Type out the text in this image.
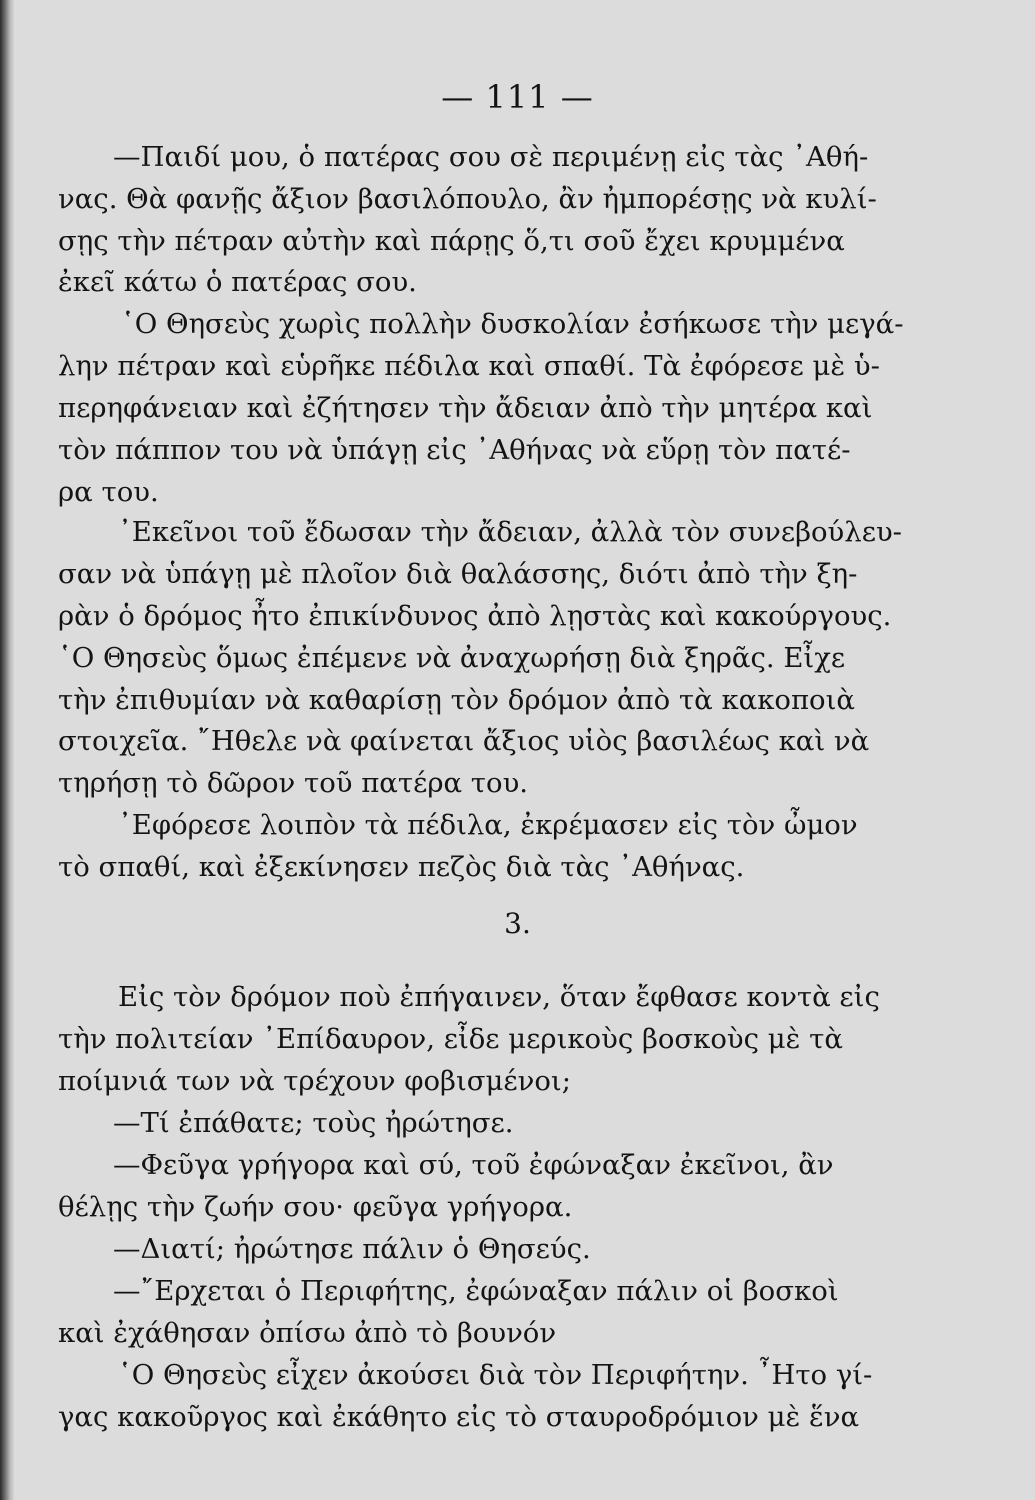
— 111 —
—Παιδί μου, ὁ πατέρας σου σὲ περιμένῃ εἰς τὰς ᾿Αθή-
νας. Θὰ φανῇς ἄξιον βασιλόπουλο, ἂν ἠμπορέσῃς νὰ κυλί-
σῃς τὴν πέτραν αὐτὴν καὶ πάρῃς ὅ,τι σοῦ ἔχει κρυμμένα
ἐκεῖ κάτω ὁ πατέρας σου.
῾Ο Θησεὺς χωρὶς πολλὴν δυσκολίαν ἐσήκωσε τὴν μεγά-
λην πέτραν καὶ εὑρῆκε πέδιλα καὶ σπαθί. Τὰ ἐφόρεσε μὲ ὑ-
περηφάνειαν καὶ ἐζήτησεν τὴν ἄδειαν ἀπὸ τὴν μητέρα καὶ
τὸν πάππον του νὰ ὑπάγῃ εἰς ᾿Αθήνας νὰ εὕρῃ τὸν πατέ-
ρα του.
᾿Εκεῖνοι τοῦ ἔδωσαν τὴν ἄδειαν, ἀλλὰ τὸν συνεβούλευ-
σαν νὰ ὑπάγῃ μὲ πλοῖον διὰ θαλάσσης, διότι ἀπὸ τὴν ξη-
ρὰν ὁ δρόμος ἦτο ἐπικίνδυνος ἀπὸ λῃστὰς καὶ κακούργους.
῾Ο Θησεὺς ὅμως ἐπέμενε νὰ ἀναχωρήσῃ διὰ ξηρᾶς. Εἶχε
τὴν ἐπιθυμίαν νὰ καθαρίσῃ τὸν δρόμον ἀπὸ τὰ κακοποιὰ
στοιχεῖα. ῎Ηθελε νὰ φαίνεται ἄξιος υἱὸς βασιλέως καὶ νὰ
τηρήσῃ τὸ δῶρον τοῦ πατέρα του.
᾿Εφόρεσε λοιπὸν τὰ πέδιλα, ἐκρέμασεν εἰς τὸν ὦμον
τὸ σπαθί, καὶ ἐξεκίνησεν πεζὸς διὰ τὰς ᾿Αθήνας.
3.
Εἰς τὸν δρόμον ποὺ ἐπήγαινεν, ὅταν ἔφθασε κοντὰ εἰς
τὴν πολιτείαν ᾿Επίδαυρον, εἶδε μερικοὺς βοσκοὺς μὲ τὰ
ποίμνιά των νὰ τρέχουν φοβισμένοι;
—Τί ἐπάθατε; τοὺς ἠρώτησε.
—Φεῦγα γρήγορα καὶ σύ, τοῦ ἐφώναξαν ἐκεῖνοι, ἂν
θέλῃς τὴν ζωήν σου· φεῦγα γρήγορα.
—Διατί; ἠρώτησε πάλιν ὁ Θησεύς.
—῎Ερχεται ὁ Περιφήτης, ἐφώναξαν πάλιν οἱ βοσκοὶ
καὶ ἐχάθησαν ὀπίσω ἀπὸ τὸ βουνόν
῾Ο Θησεὺς εἶχεν ἀκούσει διὰ τὸν Περιφήτην. ῏Ητο γί-
γας κακοῦργος καὶ ἐκάθητο εἰς τὸ σταυροδρόμιον μὲ ἕνα
